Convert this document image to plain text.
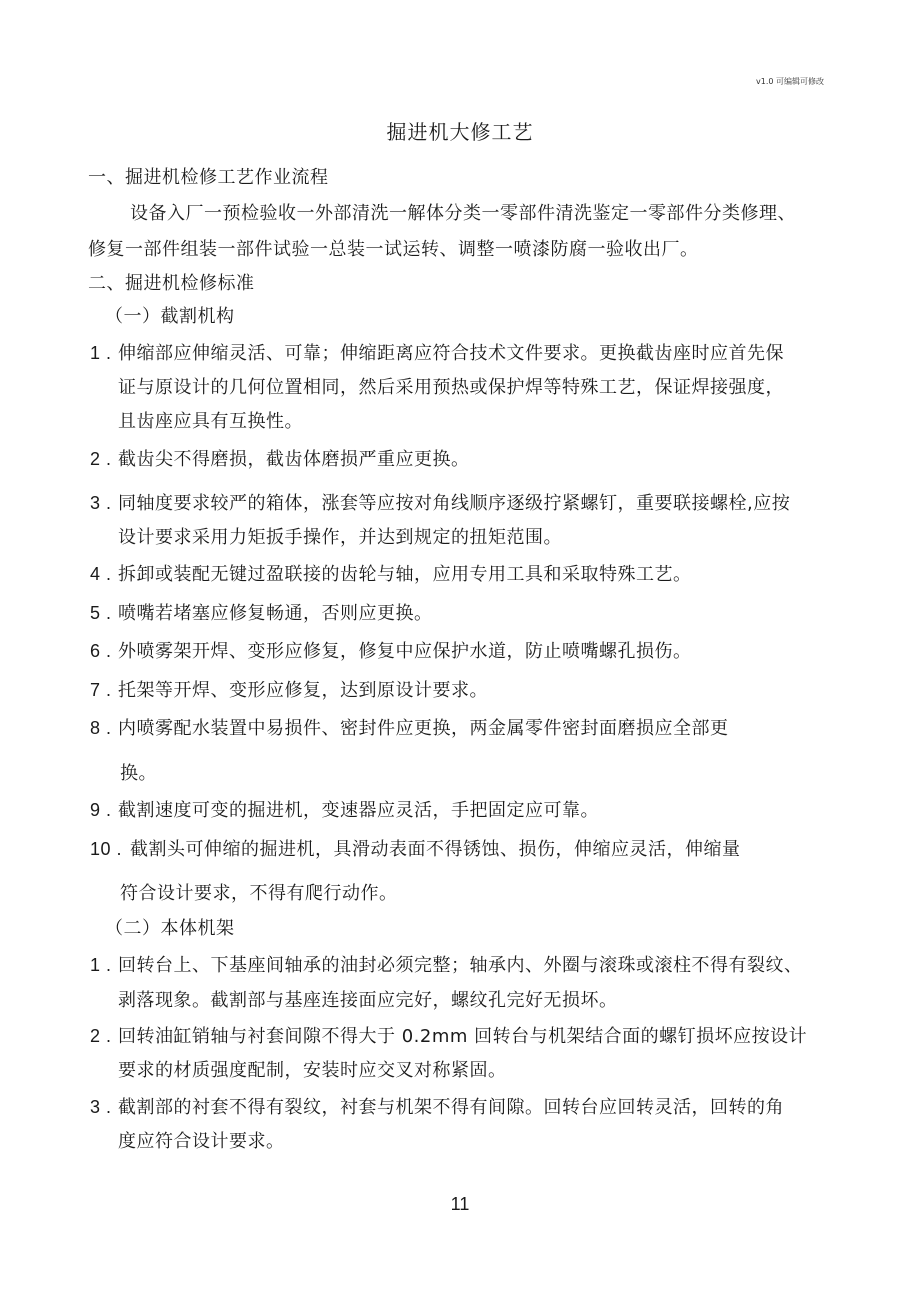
v1.0 可编辑可修改
掘进机大修工艺
一、掘进机检修工艺作业流程
设备入厂一预检验收一外部清洗一解体分类一零部件清洗鉴定一零部件分类修理、
修复一部件组装一部件试验一总装一试运转、调整一喷漆防腐一验收出厂。
二、掘进机检修标准
（一）截割机构
1 . 伸缩部应伸缩灵活、可靠；伸缩距离应符合技术文件要求。更换截齿座时应首先保
证与原设计的几何位置相同，然后采用预热或保护焊等特殊工艺，保证焊接强度，
且齿座应具有互换性。
2 . 截齿尖不得磨损，截齿体磨损严重应更换。
3 . 同轴度要求较严的箱体，涨套等应按对角线顺序逐级拧紧螺钉，重要联接螺栓,应按
设计要求采用力矩扳手操作，并达到规定的扭矩范围。
4 . 拆卸或装配无键过盈联接的齿轮与轴，应用专用工具和采取特殊工艺。
5 . 喷嘴若堵塞应修复畅通，否则应更换。
6 . 外喷雾架开焊、变形应修复，修复中应保护水道，防止喷嘴螺孔损伤。
7 . 托架等开焊、变形应修复，达到原设计要求。
8 . 内喷雾配水装置中易损件、密封件应更换，两金属零件密封面磨损应全部更
换。
9 . 截割速度可变的掘进机，变速器应灵活，手把固定应可靠。
10 . 截割头可伸缩的掘进机，具滑动表面不得锈蚀、损伤，伸缩应灵活，伸缩量
符合设计要求，不得有爬行动作。
（二）本体机架
1 . 回转台上、下基座间轴承的油封必须完整；轴承内、外圈与滚珠或滚柱不得有裂纹、
剥落现象。截割部与基座连接面应完好，螺纹孔完好无损坏。
2 . 回转油缸销轴与衬套间隙不得大于 0.2mm 回转台与机架结合面的螺钉损坏应按设计
要求的材质强度配制，安装时应交叉对称紧固。
3 . 截割部的衬套不得有裂纹，衬套与机架不得有间隙。回转台应回转灵活，回转的角
度应符合设计要求。
11
